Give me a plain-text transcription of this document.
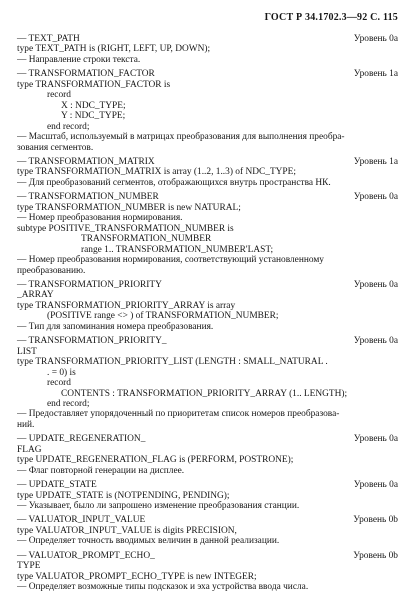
ГОСТ Р 34.1702.3—92 С. 115
— TEXT_PATH	Уровень 0a
type TEXT_PATH is (RIGHT, LEFT, UP, DOWN);
— Направление строки текста.
— TRANSFORMATION_FACTOR	Уровень 1a
type TRANSFORMATION_FACTOR is
record
X : NDC_TYPE;
Y : NDC_TYPE;
end record;
— Масштаб, используемый в матрицах преобразования для выполнения преобра-
зования сегментов.
— TRANSFORMATION_MATRIX	Уровень 1a
type TRANSFORMATION_MATRIX is array (1..2, 1..3) of NDC_TYPE;
— Для преобразований сегментов, отображающихся внутрь пространства НК.
— TRANSFORMATION_NUMBER	Уровень 0a
type TRANSFORMATION_NUMBER is new NATURAL;
— Номер преобразования нормирования.
subtype POSITIVE_TRANSFORMATION_NUMBER is
TRANSFORMATION_NUMBER
range 1.. TRANSFORMATION_NUMBER'LAST;
— Номер преобразования нормирования, соответствующий установленному
преобразованию.
— TRANSFORMATION_PRIORITY	Уровень 0a
_ARRAY
type TRANSFORMATION_PRIORITY_ARRAY is array
(POSITIVE range <> ) of TRANSFORMATION_NUMBER;
— Тип для запоминания номера преобразования.
— TRANSFORMATION_PRIORITY_	Уровень 0a
LIST
type TRANSFORMATION_PRIORITY_LIST (LENGTH : SMALL_NATURAL .
. = 0) is
record
CONTENTS : TRANSFORMATION_PRIORITY_ARRAY (1.. LENGTH);
end record;
— Предоставляет упорядоченный по приоритетам список номеров преобразова-
ний.
— UPDATE_REGENERATION_	Уровень 0a
FLAG
type UPDATE_REGENERATION_FLAG is (PERFORM, POSTRONE);
— Флаг повторной генерации на дисплее.
— UPDATE_STATE	Уровень 0a
type UPDATE_STATE is (NOTPENDING, PENDING);
— Указывает, было ли запрошено изменение преобразования станции.
— VALUATOR_INPUT_VALUE	Уровень 0b
type VALUATOR_INPUT_VALUE is digits PRECISION,
— Определяет точность вводимых величин в данной реализации.
— VALUATOR_PROMPT_ECHO_	Уровень 0b
TYPE
type VALUATOR_PROMPT_ECHO_TYPE is new INTEGER;
— Определяет возможные типы подсказок и эха устройства ввода числа.
